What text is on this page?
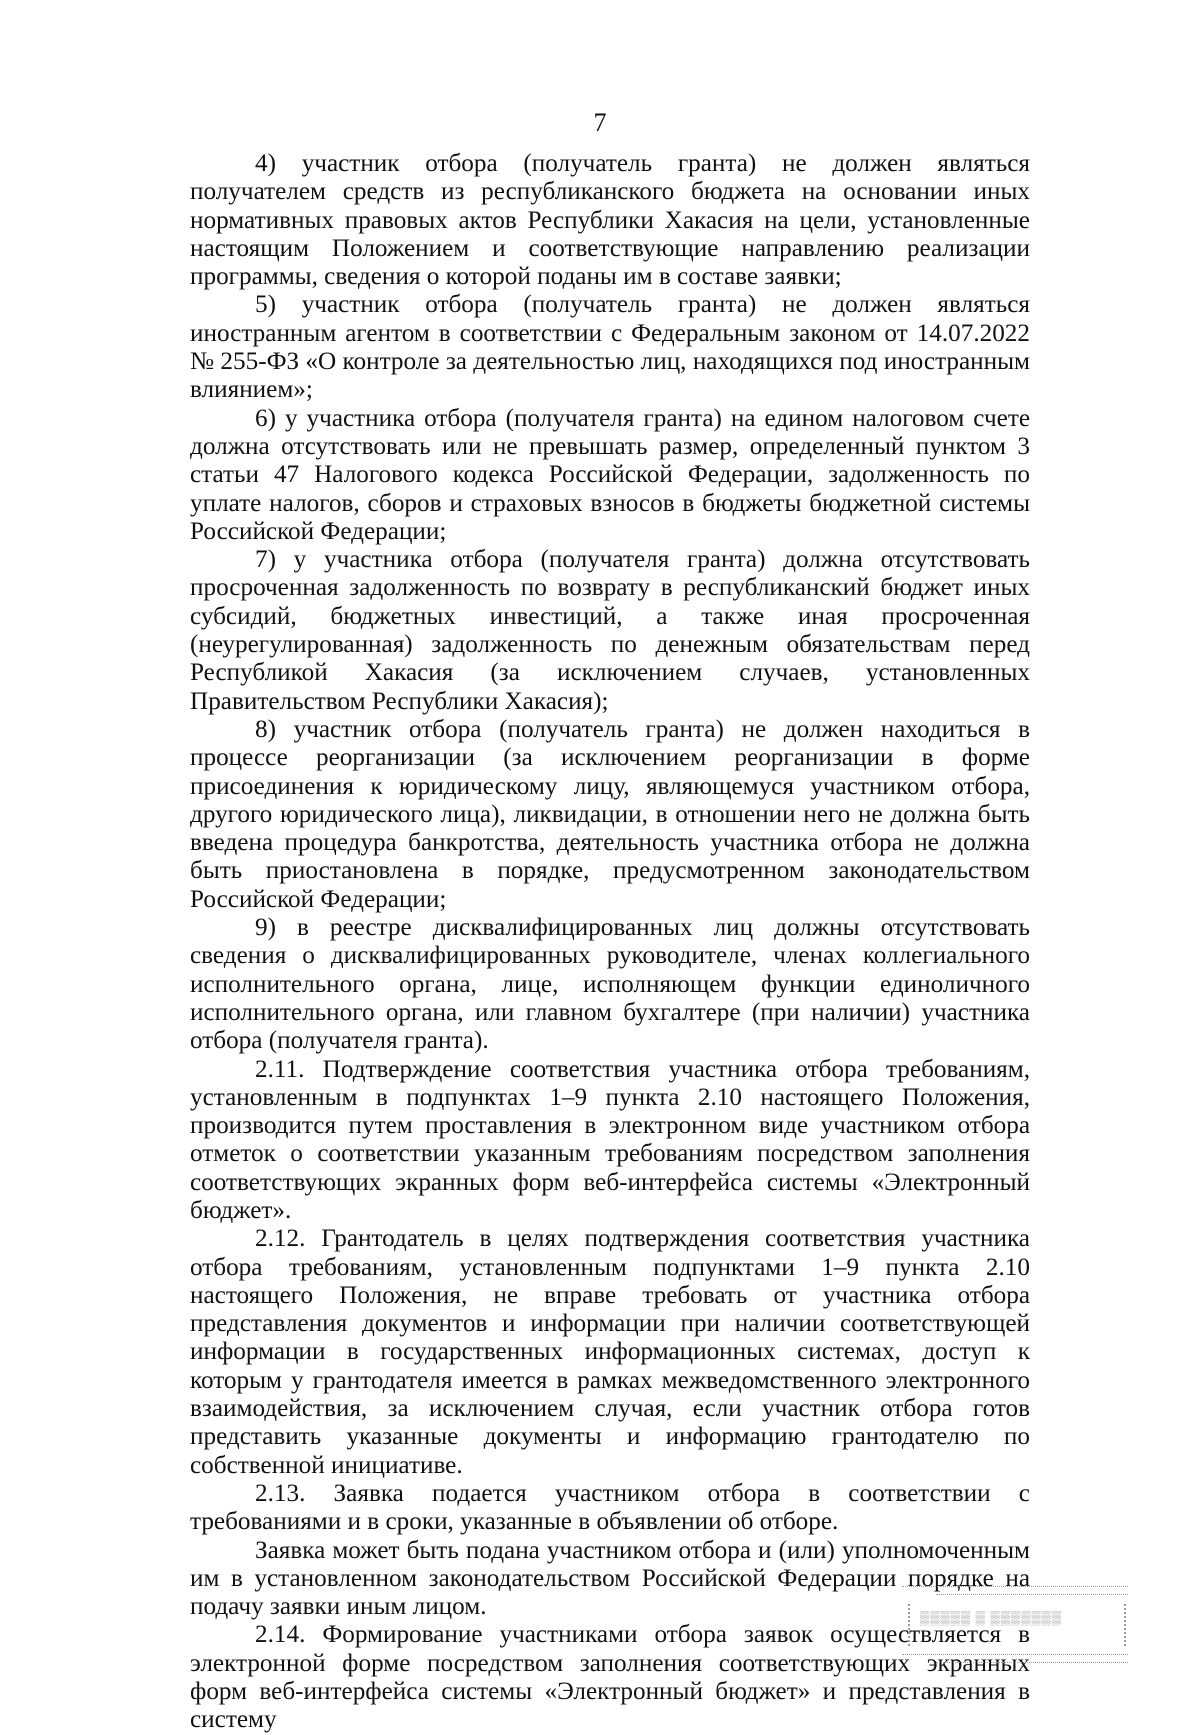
7

4) участник отбора (получатель гранта) не должен являться получателем средств из республиканского бюджета на основании иных нормативных правовых актов Республики Хакасия на цели, установленные настоящим Положением и соответствующие направлению реализации программы, сведения о которой поданы им в составе заявки;

5) участник отбора (получатель гранта) не должен являться иностранным агентом в соответствии с Федеральным законом от 14.07.2022 № 255-ФЗ «О контроле за деятельностью лиц, находящихся под иностранным влиянием»;

6) у участника отбора (получателя гранта) на едином налоговом счете должна отсутствовать или не превышать размер, определенный пунктом 3 статьи 47 Налогового кодекса Российской Федерации, задолженность по уплате налогов, сборов и страховых взносов в бюджеты бюджетной системы Российской Федерации;

7) у участника отбора (получателя гранта) должна отсутствовать просроченная задолженность по возврату в республиканский бюджет иных субсидий, бюджетных инвестиций, а также иная просроченная (неурегулированная) задолженность по денежным обязательствам перед Республикой Хакасия (за исключением случаев, установленных Правительством Республики Хакасия);

8) участник отбора (получатель гранта) не должен находиться в процессе реорганизации (за исключением реорганизации в форме присоединения к юридическому лицу, являющемуся участником отбора, другого юридического лица), ликвидации, в отношении него не должна быть введена процедура банкротства, деятельность участника отбора не должна быть приостановлена в порядке, предусмотренном законодательством Российской Федерации;

9) в реестре дисквалифицированных лиц должны отсутствовать сведения о дисквалифицированных руководителе, членах коллегиального исполнительного органа, лице, исполняющем функции единоличного исполнительного органа, или главном бухгалтере (при наличии) участника отбора (получателя гранта).

2.11. Подтверждение соответствия участника отбора требованиям, установленным в подпунктах 1–9 пункта 2.10 настоящего Положения, производится путем проставления в электронном виде участником отбора отметок о соответствии указанным требованиям посредством заполнения соответствующих экранных форм веб-интерфейса системы «Электронный бюджет».

2.12. Грантодатель в целях подтверждения соответствия участника отбора требованиям, установленным подпунктами 1–9 пункта 2.10 настоящего Положения, не вправе требовать от участника отбора представления документов и информации при наличии соответствующей информации в государственных информационных системах, доступ к которым у грантодателя имеется в рамках межведомственного электронного взаимодействия, за исключением случая, если участник отбора готов представить указанные документы и информацию грантодателю по собственной инициативе.

2.13. Заявка подается участником отбора в соответствии с требованиями и в сроки, указанные в объявлении об отборе.

Заявка может быть подана участником отбора и (или) уполномоченным им в установленном законодательством Российской Федерации порядке на подачу заявки иным лицом.

2.14. Формирование участниками отбора заявок осуществляется в электронной форме посредством заполнения соответствующих экранных форм веб-интерфейса системы «Электронный бюджет» и представления в систему

▒▒▒▒▒ ▒ ▒▒▒▒▒▒▒
